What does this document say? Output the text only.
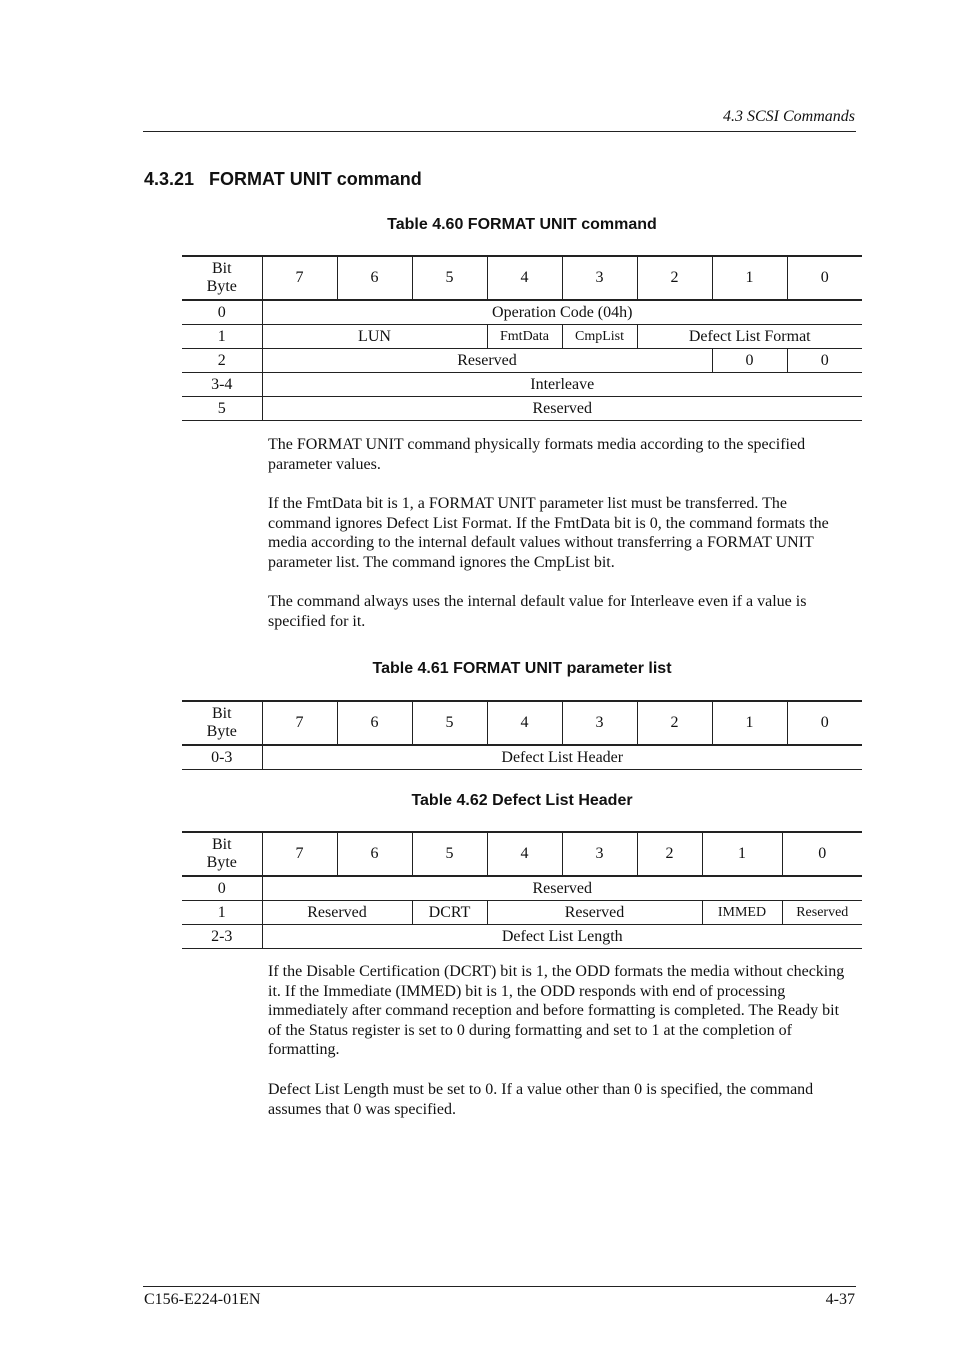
4.3 SCSI Commands
4.3.21   FORMAT UNIT command
Table 4.60 FORMAT UNIT command
Bit
Byte	7	6	5	4	3	2	1	0
0	Operation Code (04h)							
1	LUN			FmtData	CmpList	Defect List Format		
2	Reserved						0	0
3-4	Interleave							
5	Reserved							

The FORMAT UNIT command physically formats media according to the specified parameter values.

If the FmtData bit is 1, a FORMAT UNIT parameter list must be transferred. The command ignores Defect List Format. If the FmtData bit is 0, the command formats the media according to the internal default values without transferring a FORMAT UNIT parameter list. The command ignores the CmpList bit.

The command always uses the internal default value for Interleave even if a value is specified for it.

Table 4.61 FORMAT UNIT parameter list
Bit
Byte	7	6	5	4	3	2	1	0
0-3	Defect List Header							
Table 4.62 Defect List Header
Bit
Byte	7	6	5	4	3	2	1	0
0	Reserved							
1	Reserved		DCRT	Reserved			IMMED	Reserved
2-3	Defect List Length							

If the Disable Certification (DCRT) bit is 1, the ODD formats the media without checking it. If the Immediate (IMMED) bit is 1, the ODD responds with end of processing immediately after command reception and before formatting is completed. The Ready bit of the Status register is set to 0 during formatting and set to 1 at the completion of formatting.

Defect List Length must be set to 0. If a value other than 0 is specified, the command assumes that 0 was specified.

C156-E224-01EN	4-37
